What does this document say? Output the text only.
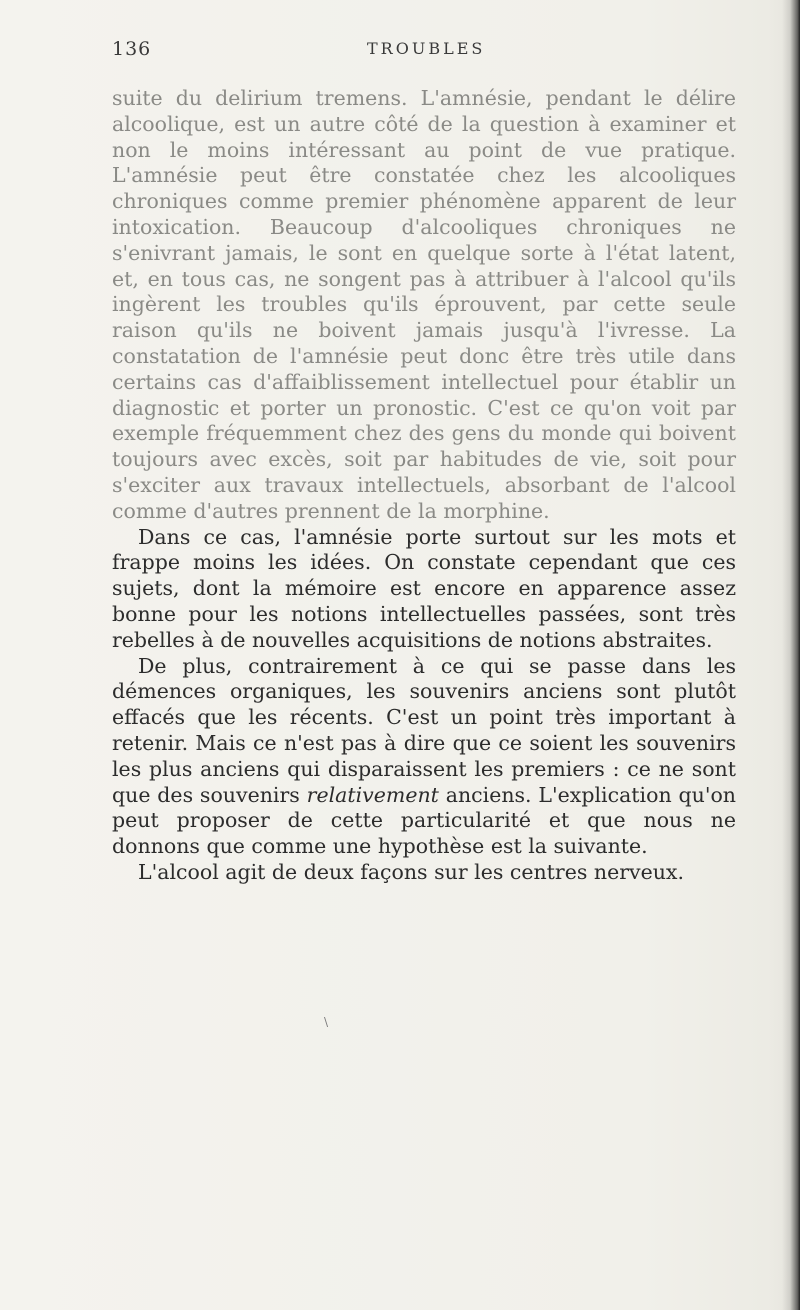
136	TROUBLES

suite du delirium tremens. L'amnésie, pendant le délire alcoolique, est un autre côté de la question à examiner et non le moins intéressant au point de vue pratique. L'amnésie peut être constatée chez les alcooliques chroniques comme premier phénomène apparent de leur intoxication. Beaucoup d'alcooliques chroniques ne s'enivrant jamais, le sont en quelque sorte à l'état latent, et, en tous cas, ne songent pas à attribuer à l'alcool qu'ils ingèrent les troubles qu'ils éprouvent, par cette seule raison qu'ils ne boivent jamais jusqu'à l'ivresse. La constatation de l'amnésie peut donc être très utile dans certains cas d'affaiblissement intellectuel pour établir un diagnostic et porter un pronostic. C'est ce qu'on voit par exemple fréquemment chez des gens du monde qui boivent toujours avec excès, soit par habitudes de vie, soit pour s'exciter aux travaux intellectuels, absorbant de l'alcool comme d'autres prennent de la morphine.

Dans ce cas, l'amnésie porte surtout sur les mots et frappe moins les idées. On constate cependant que ces sujets, dont la mémoire est encore en apparence assez bonne pour les notions intellectuelles passées, sont très rebelles à de nouvelles acquisitions de notions abstraites.

De plus, contrairement à ce qui se passe dans les démences organiques, les souvenirs anciens sont plutôt effacés que les récents. C'est un point très important à retenir. Mais ce n'est pas à dire que ce soient les souvenirs les plus anciens qui disparaissent les premiers : ce ne sont que des souvenirs relativement anciens. L'explication qu'on peut proposer de cette particularité et que nous ne donnons que comme une hypothèse est la suivante.

L'alcool agit de deux façons sur les centres nerveux.

\
